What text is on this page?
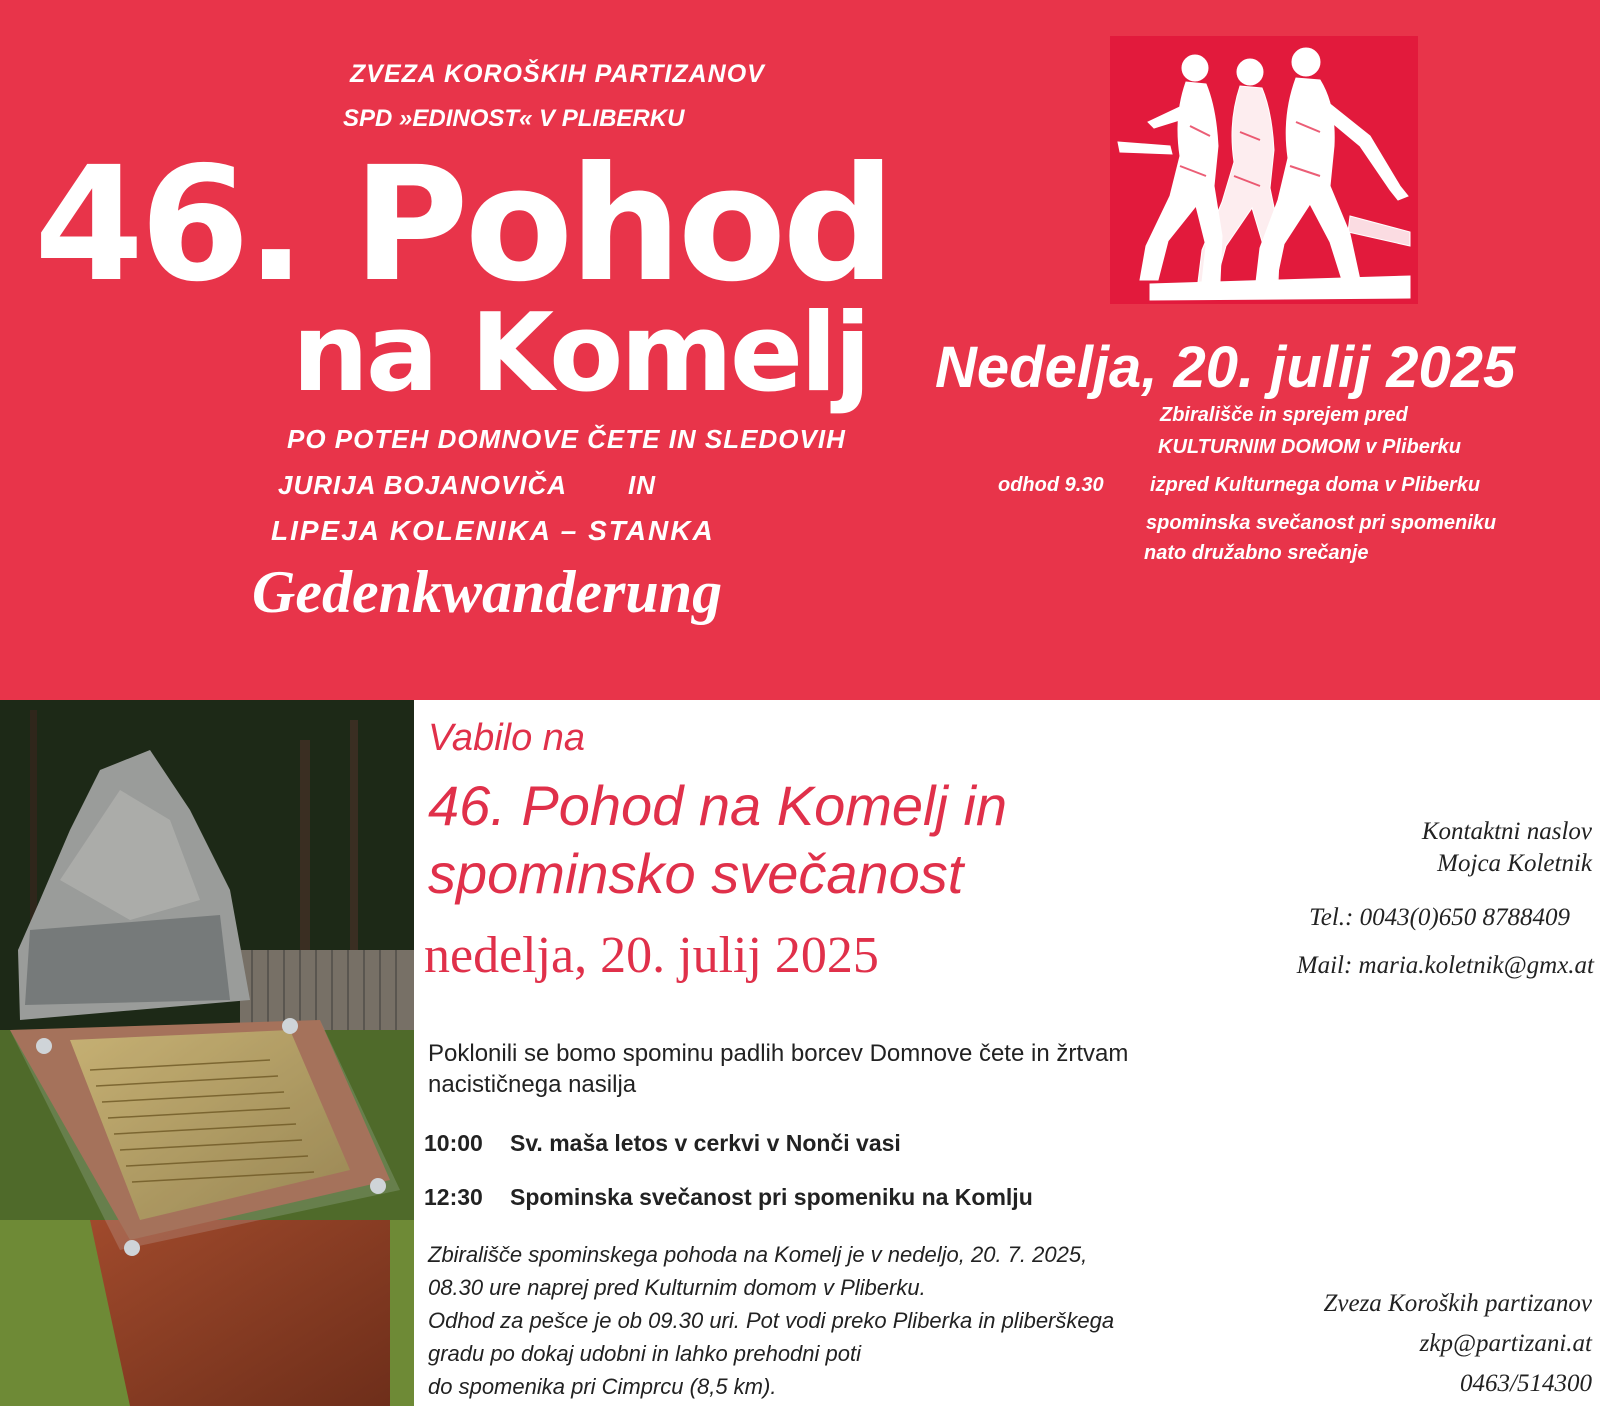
ZVEZA KOROŠKIH PARTIZANOV
SPD »EDINOST« V PLIBERKU
46. Pohod
na Komelj
PO POTEH DOMNOVE ČETE IN SLEDOVIH
JURIJA BOJANOVIČA IN
LIPEJA KOLENIKA – STANKA
Gedenkwanderung
Nedelja, 20. julij 2025
Zbirališče in sprejem pred
KULTURNIM DOMOM v Pliberku
odhod 9.30 izpred Kulturnega doma v Pliberku
spominska svečanost pri spomeniku
nato družabno srečanje
Vabilo na
46. Pohod na Komelj in
spominsko svečanost
nedelja, 20. julij 2025
Poklonili se bomo spominu padlih borcev Domnove čete in žrtvam nacističnega nasilja
10:00 Sv. maša letos v cerkvi v Nonči vasi
12:30 Spominska svečanost pri spomeniku na Komlju
Zbirališče spominskega pohoda na Komelj je v nedeljo, 20. 7. 2025,
08.30 ure naprej pred Kulturnim domom v Pliberku.
Odhod za pešce je ob 09.30 uri. Pot vodi preko Pliberka in pliberškega
gradu po dokaj udobni in lahko prehodni poti
do spomenika pri Cimprcu (8,5 km).
Kontaktni naslov
Mojca Koletnik
Tel.: 0043(0)650 8788409
Mail: maria.koletnik@gmx.at
Zveza Koroških partizanov
zkp@partizani.at
0463/514300
